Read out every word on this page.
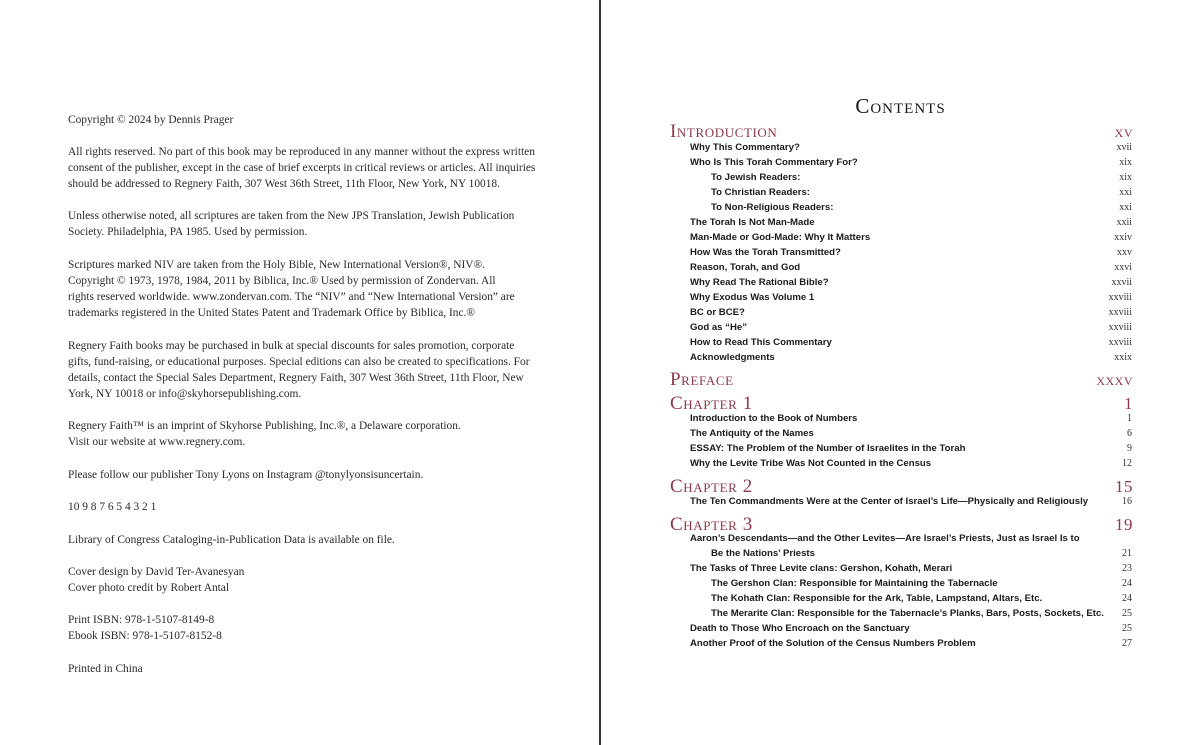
Copyright © 2024 by Dennis Prager
All rights reserved. No part of this book may be reproduced in any manner without the express written
consent of the publisher, except in the case of brief excerpts in critical reviews or articles. All inquiries
should be addressed to Regnery Faith, 307 West 36th Street, 11th Floor, New York, NY 10018.
Unless otherwise noted, all scriptures are taken from the New JPS Translation, Jewish Publication
Society. Philadelphia, PA 1985. Used by permission.
Scriptures marked NIV are taken from the Holy Bible, New International Version®, NIV®.
Copyright © 1973, 1978, 1984, 2011 by Biblica, Inc.® Used by permission of Zondervan. All
rights reserved worldwide. www.zondervan.com. The “NIV” and “New International Version” are
trademarks registered in the United States Patent and Trademark Office by Biblica, Inc.®
Regnery Faith books may be purchased in bulk at special discounts for sales promotion, corporate
gifts, fund-raising, or educational purposes. Special editions can also be created to specifications. For
details, contact the Special Sales Department, Regnery Faith, 307 West 36th Street, 11th Floor, New
York, NY 10018 or info@skyhorsepublishing.com.
Regnery Faith™ is an imprint of Skyhorse Publishing, Inc.®, a Delaware corporation.
Visit our website at www.regnery.com.
Please follow our publisher Tony Lyons on Instagram @tonylyonsisuncertain.
10 9 8 7 6 5 4 3 2 1
Library of Congress Cataloging-in-Publication Data is available on file.
Cover design by David Ter-Avanesyan
Cover photo credit by Robert Antal
Print ISBN: 978-1-5107-8149-8
Ebook ISBN: 978-1-5107-8152-8
Printed in China
Contents
Introduction	xv
Why This Commentary?	xvii
Who Is This Torah Commentary For?	xix
To Jewish Readers:	xix
To Christian Readers:	xxi
To Non-Religious Readers:	xxi
The Torah Is Not Man-Made	xxii
Man-Made or God-Made: Why It Matters	xxiv
How Was the Torah Transmitted?	xxv
Reason, Torah, and God	xxvi
Why Read The Rational Bible?	xxvii
Why Exodus Was Volume 1	xxviii
BC or BCE?	xxviii
God as “He”	xxviii
How to Read This Commentary	xxviii
Acknowledgments	xxix
Preface	xxxv
Chapter 1	1
Introduction to the Book of Numbers	1
The Antiquity of the Names	6
ESSAY: The Problem of the Number of Israelites in the Torah	9
Why the Levite Tribe Was Not Counted in the Census	12
Chapter 2	15
The Ten Commandments Were at the Center of Israel’s Life—Physically and Religiously	16
Chapter 3	19
Aaron’s Descendants—and the Other Levites—Are Israel’s Priests, Just as Israel Is to
Be the Nations’ Priests	21
The Tasks of Three Levite clans: Gershon, Kohath, Merari	23
The Gershon Clan: Responsible for Maintaining the Tabernacle	24
The Kohath Clan: Responsible for the Ark, Table, Lampstand, Altars, Etc.	24
The Merarite Clan: Responsible for the Tabernacle’s Planks, Bars, Posts, Sockets, Etc. 25
Death to Those Who Encroach on the Sanctuary	25
Another Proof of the Solution of the Census Numbers Problem	27
